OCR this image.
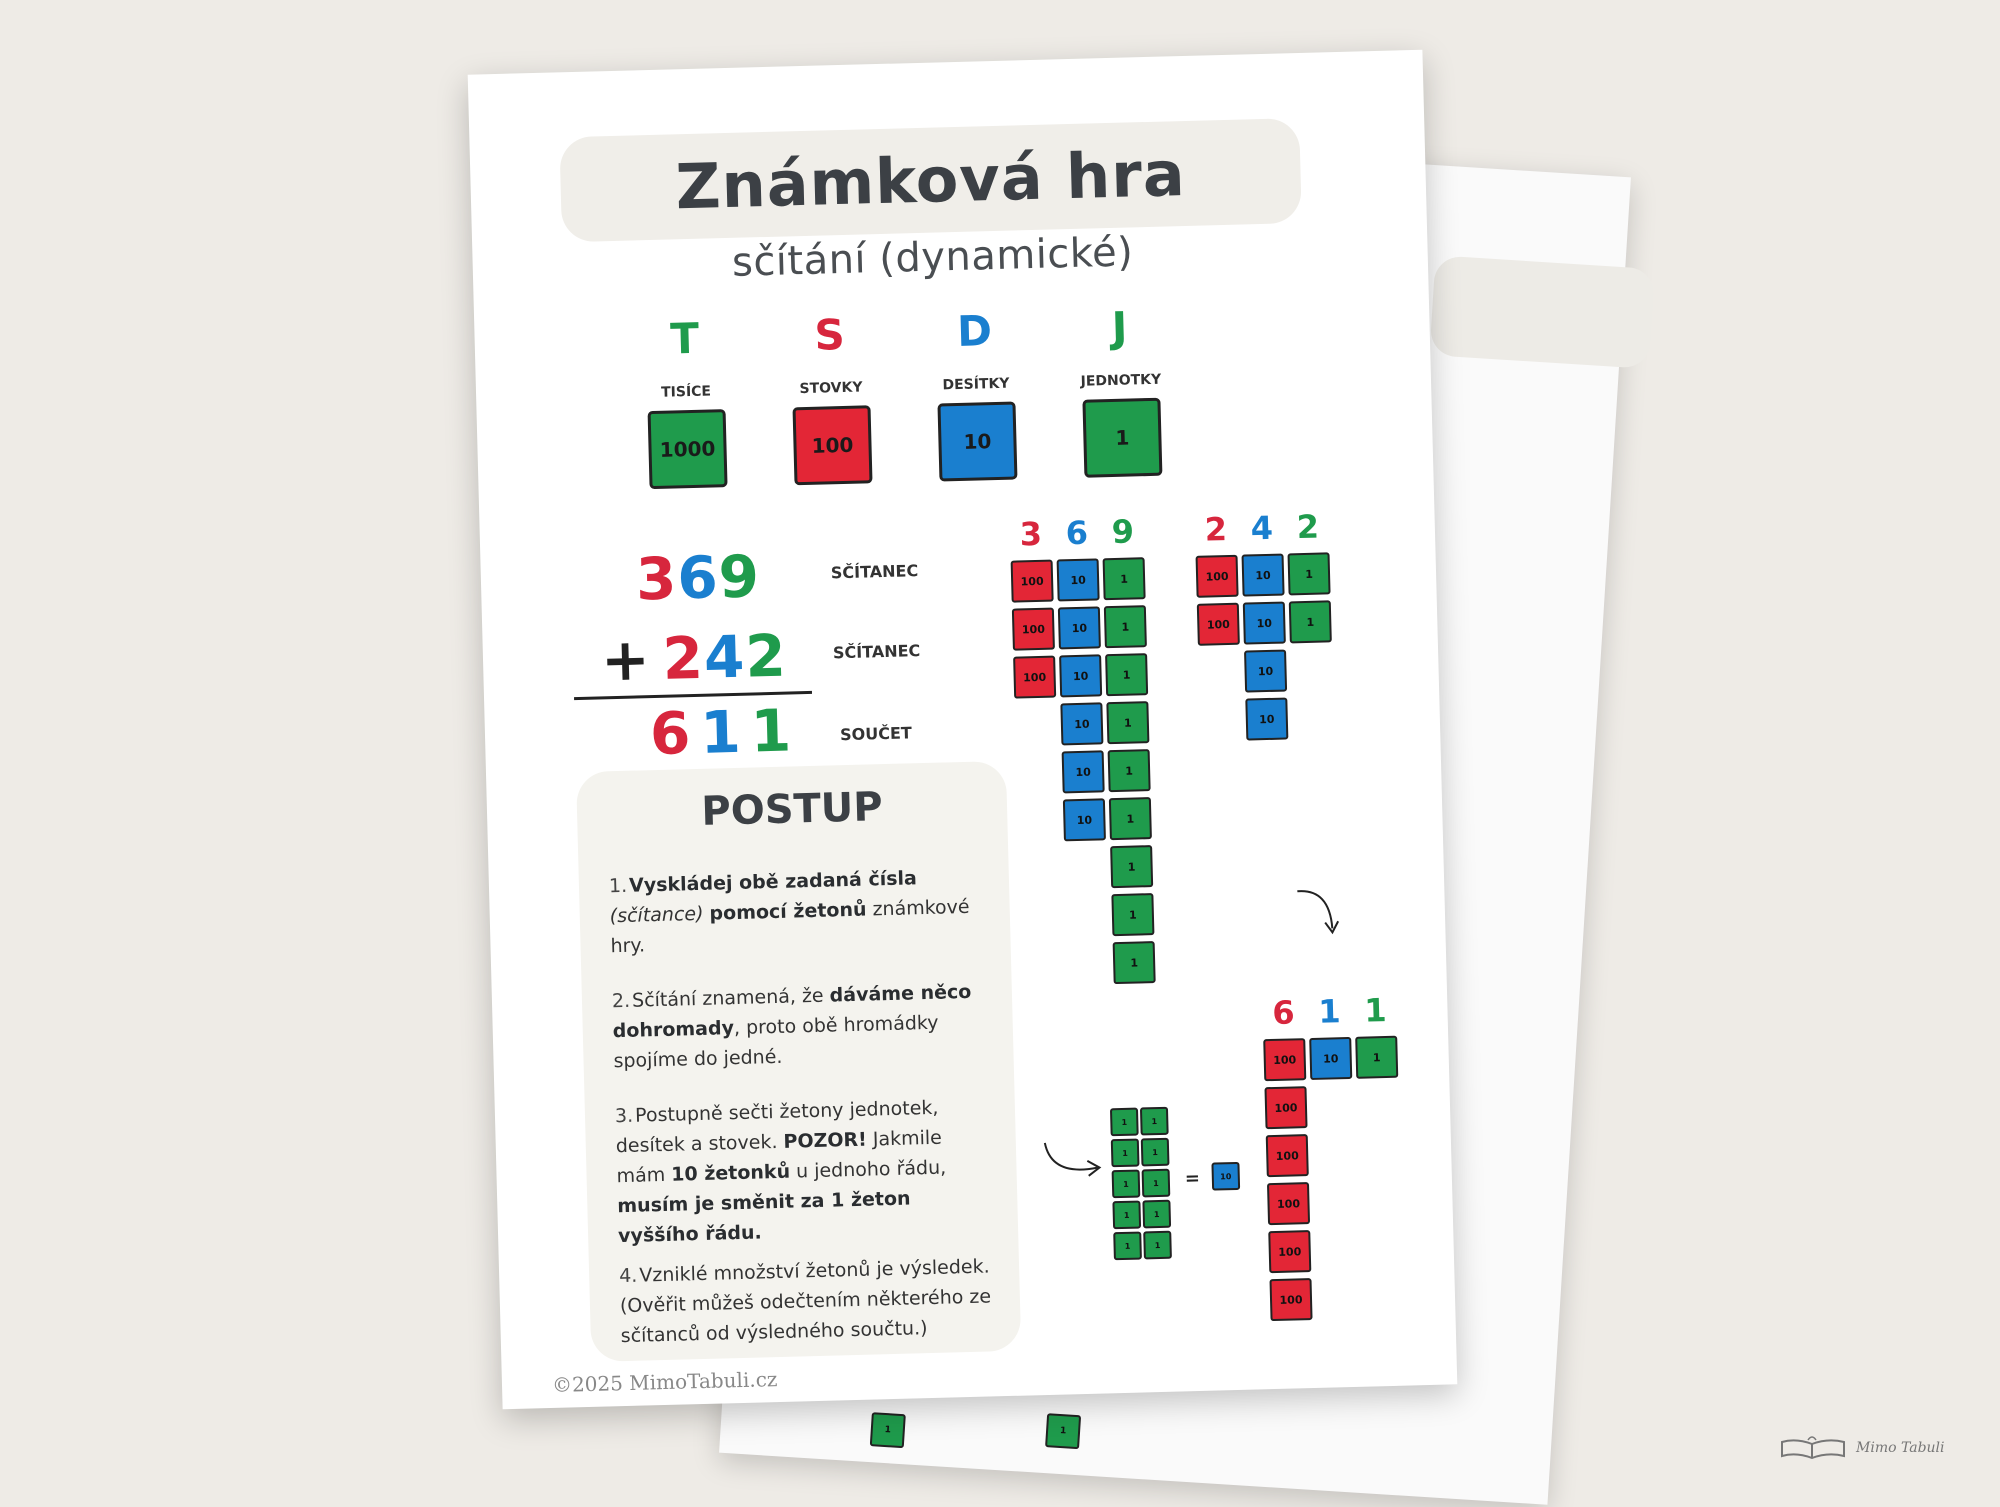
1	1
Známková hra
sčítání (dynamické)
T
TISÍCE
1000
S
STOVKY
100
D
DESÍTKY
10
J
JEDNOTKY
1
369	SČÍTANEC
+ 242	SČÍTANEC
611 SOUČET
3 6 9
100
100
100
10
10
10
10
10
10
1
1
1
1
1
1
1
1
1
2 4 2
100
100
10
10
10
10
1
1
6 1 1
100
100
100
100
100
100
10	1
1	1
1	1
1	1
1	1
1	1
=	10
POSTUP
1.Vyskládej obě zadaná čísla (sčítance) pomocí žetonů známkové hry.
2.Sčítání znamená, že dáváme něco dohromady, proto obě hromádky spojíme do jedné.
3.Postupně sečti žetony jednotek, desítek a stovek. POZOR! Jakmile mám 10 žetonků u jednoho řádu, musím je směnit za 1 žeton vyššího řádu.
4.Vzniklé množství žetonů je výsledek. (Ověřit můžeš odečtením některého ze sčítanců od výsledného součtu.)
©2025 MimoTabuli.cz
Mimo Tabuli
